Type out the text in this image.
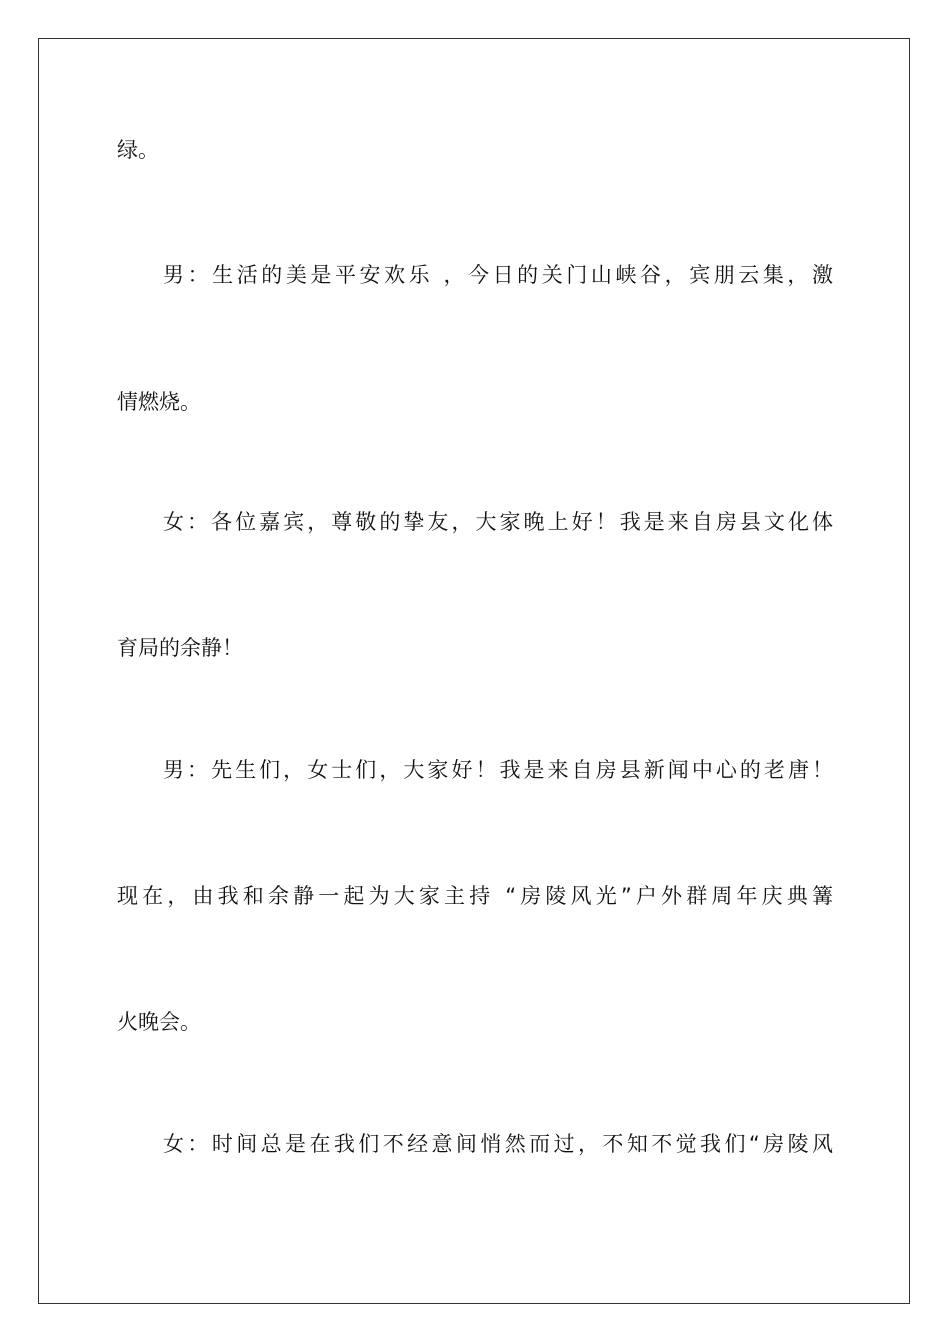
绿。
男：生活的美是平安欢乐 ，今日的关门山峡谷，宾朋云集，激
情燃烧。
女：各位嘉宾，尊敬的挚友，大家晚上好！我是来自房县文化体
育局的余静！
男：先生们，女士们，大家好！我是来自房县新闻中心的老唐！
现在，由我和余静一起为大家主持 “房陵风光”户外群周年庆典篝
火晚会。
女：时间总是在我们不经意间悄然而过，不知不觉我们“房陵风
